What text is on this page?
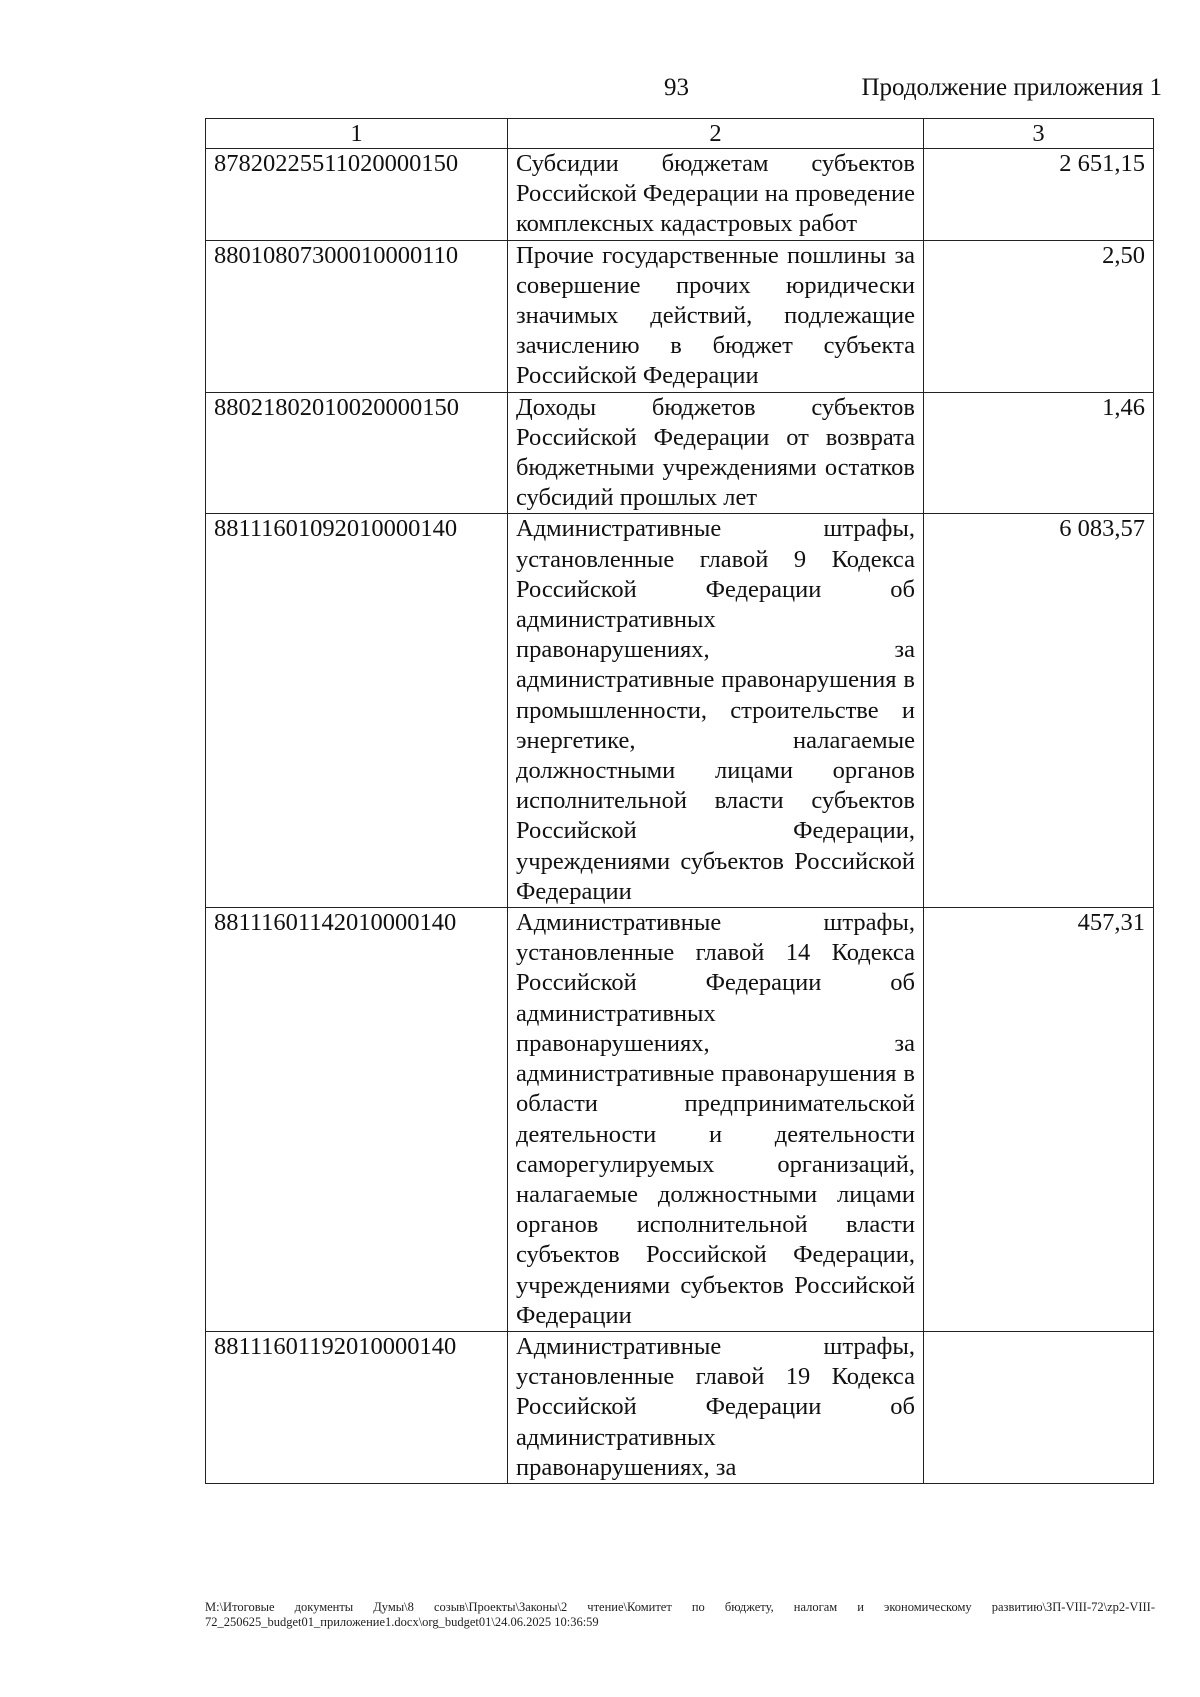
93	Продолжение приложения 1
1	2	3
87820225511020000150	Субсидии бюджетам субъектов Российской Федерации на проведение комплексных кадастровых работ	2 651,15
88010807300010000110	Прочие государственные пошлины за совершение прочих юридически значимых действий, подлежащие зачислению в бюджет субъекта Российской Федерации	2,50
88021802010020000150	Доходы бюджетов субъектов Российской Федерации от возврата бюджетными учреждениями остатков субсидий прошлых лет	1,46
88111601092010000140	Административные штрафы, установленные главой 9 Кодекса Российской Федерации об административных правонарушениях, за административные правонарушения в промышленности, строительстве и энергетике, налагаемые должностными лицами органов исполнительной власти субъектов Российской Федерации, учреждениями субъектов Российской Федерации	6 083,57
88111601142010000140	Административные штрафы, установленные главой 14 Кодекса Российской Федерации об административных правонарушениях, за административные правонарушения в области предпринимательской деятельности и деятельности саморегулируемых организаций, налагаемые должностными лицами органов исполнительной власти субъектов Российской Федерации, учреждениями субъектов Российской Федерации	457,31
88111601192010000140	Административные штрафы, установленные главой 19 Кодекса Российской Федерации об административных правонарушениях, за	
M:\Итоговые документы Думы\8 созыв\Проекты\Законы\2 чтение\Комитет по бюджету, налогам и экономическому развитию\ЗП-VIII-72\zp2-VIII-72_250625_budget01_приложение1.docx\org_budget01\24.06.2025 10:36:59
